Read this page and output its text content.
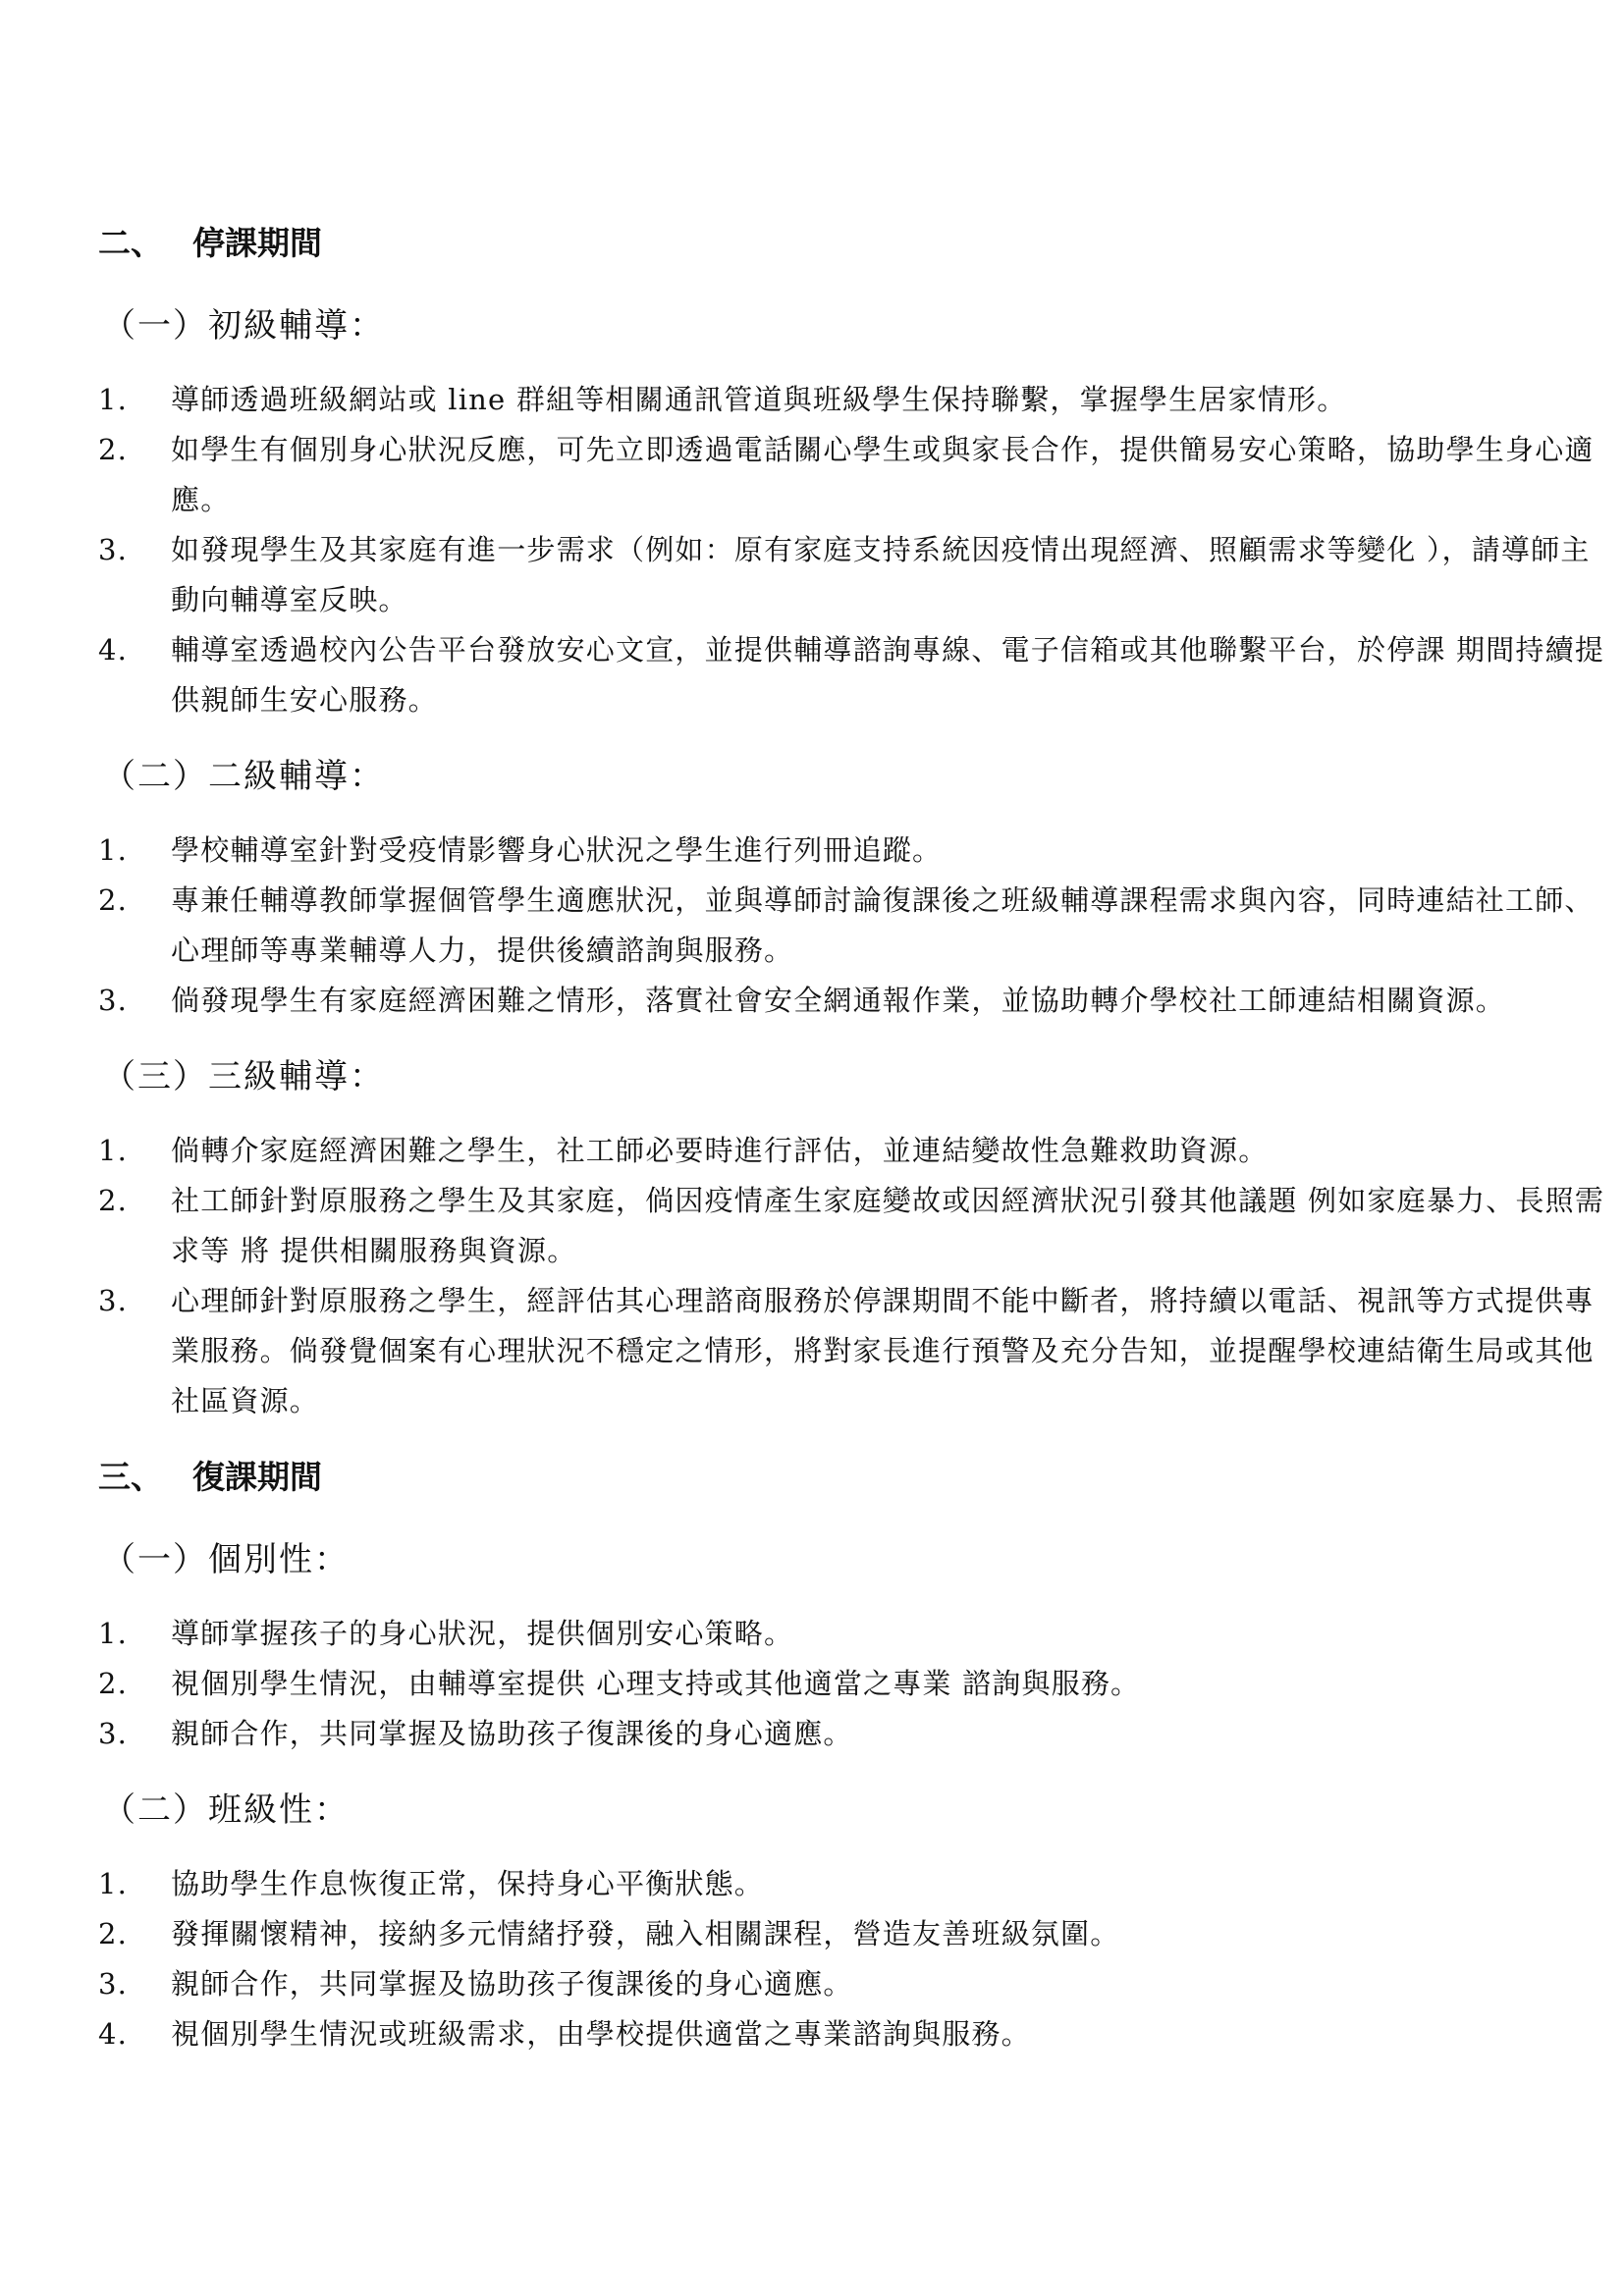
二、 停課期間
（一）初級輔導：
1. 導師透過班級網站或 line 群組等相關通訊管道與班級學生保持聯繫，掌握學生居家情形。
2. 如學生有個別身心狀況反應，可先立即透過電話關心學生或與家長合作，提供簡易安心策略，協助學生身心適應。
3. 如發現學生及其家庭有進一步需求（例如：原有家庭支持系統因疫情出現經濟、照顧需求等變化 ），請導師主動向輔導室反映。
4. 輔導室透過校內公告平台發放安心文宣，並提供輔導諮詢專線、電子信箱或其他聯繫平台，於停課 期間持續提供親師生安心服務。
（二）二級輔導：
1. 學校輔導室針對受疫情影響身心狀況之學生進行列冊追蹤。
2. 專兼任輔導教師掌握個管學生適應狀況，並與導師討論復課後之班級輔導課程需求與內容，同時連結社工師、心理師等專業輔導人力，提供後續諮詢與服務。
3. 倘發現學生有家庭經濟困難之情形，落實社會安全網通報作業，並協助轉介學校社工師連結相關資源。
（三）三級輔導：
1. 倘轉介家庭經濟困難之學生，社工師必要時進行評估，並連結變故性急難救助資源。
2. 社工師針對原服務之學生及其家庭，倘因疫情產生家庭變故或因經濟狀況引發其他議題 例如家庭暴力、長照需求等 將 提供相關服務與資源。
3. 心理師針對原服務之學生，經評估其心理諮商服務於停課期間不能中斷者，將持續以電話、視訊等方式提供專業服務。倘發覺個案有心理狀況不穩定之情形，將對家長進行預警及充分告知，並提醒學校連結衛生局或其他社區資源。
三、 復課期間
（一）個別性：
1. 導師掌握孩子的身心狀況，提供個別安心策略。
2. 視個別學生情況，由輔導室提供 心理支持或其他適當之專業 諮詢與服務。
3. 親師合作，共同掌握及協助孩子復課後的身心適應。
（二）班級性：
1. 協助學生作息恢復正常，保持身心平衡狀態。
2. 發揮關懷精神，接納多元情緒抒發，融入相關課程，營造友善班級氛圍。
3. 親師合作，共同掌握及協助孩子復課後的身心適應。
4. 視個別學生情況或班級需求，由學校提供適當之專業諮詢與服務。
